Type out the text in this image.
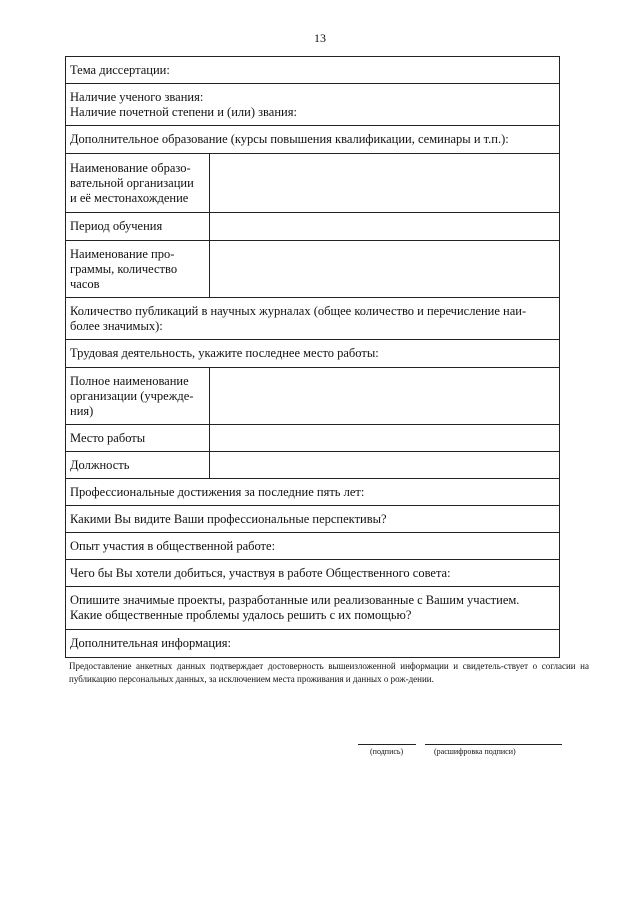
13
Тема диссертации:	
Наличие ученого звания:
Наличие почетной степени и (или) звания:	
Дополнительное образование (курсы повышения квалификации, семинары и т.п.):	
Наименование образо-
вательной организации
и её местонахождение	
Период обучения	
Наименование про-
граммы, количество
часов	
Количество публикаций в научных журналах (общее количество и перечисление наи-
более значимых):	
Трудовая деятельность, укажите последнее место работы:	
Полное наименование
организации (учрежде-
ния)	
Место работы	
Должность	
Профессиональные достижения за последние пять лет:	
Какими Вы видите Ваши профессиональные перспективы?	
Опыт участия в общественной работе:	
Чего бы Вы хотели добиться, участвуя в работе Общественного совета:	
Опишите значимые проекты, разработанные или реализованные с Вашим участием.
Какие общественные проблемы удалось решить с их помощью?	
Дополнительная информация:	
Предоставление анкетных данных подтверждает достоверность вышеизложенной информации и свидетель-ствует о согласии на публикацию персональных данных, за исключением места проживания и данных о рож-дении.
(подпись)	(расшифровка подписи)
